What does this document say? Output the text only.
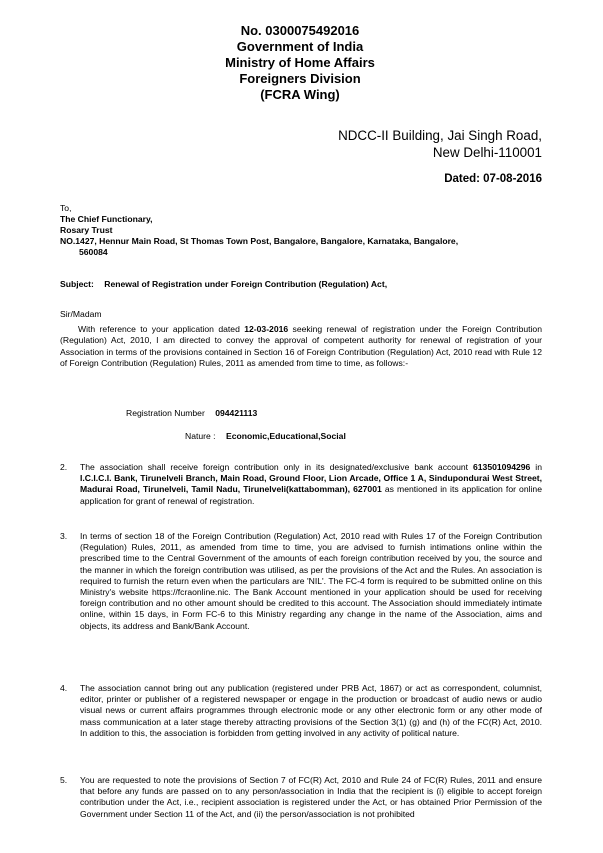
No. 0300075492016
Government of India
Ministry of Home Affairs
Foreigners Division
(FCRA Wing)
NDCC-II Building, Jai Singh Road,
New Delhi-110001
Dated: 07-08-2016
To,
The Chief Functionary,
Rosary Trust
NO.1427, Hennur Main Road, St Thomas Town Post, Bangalore, Bangalore, Karnataka, Bangalore,
560084
Subject: Renewal of Registration under Foreign Contribution (Regulation) Act,
Sir/Madam
With reference to your application dated 12-03-2016 seeking renewal of registration under the Foreign Contribution (Regulation) Act, 2010, I am directed to convey the approval of competent authority for renewal of registration of your Association in terms of the provisions contained in Section 16 of Foreign Contribution (Regulation) Act, 2010 read with Rule 12 of Foreign Contribution (Regulation) Rules, 2011 as amended from time to time, as follows:-
Registration Number 094421113
Nature : Economic,Educational,Social
2. The association shall receive foreign contribution only in its designated/exclusive bank account 613501094296 in I.C.I.C.I. Bank, Tirunelveli Branch, Main Road, Ground Floor, Lion Arcade, Office 1 A, Sindupondurai West Street, Madurai Road, Tirunelveli, Tamil Nadu, Tirunelveli(kattabomman), 627001 as mentioned in its application for online application for grant of renewal of registration.
3. In terms of section 18 of the Foreign Contribution (Regulation) Act, 2010 read with Rules 17 of the Foreign Contribution (Regulation) Rules, 2011, as amended from time to time, you are advised to furnish intimations online within the prescribed time to the Central Government of the amounts of each foreign contribution received by you, the source and the manner in which the foreign contribution was utilised, as per the provisions of the Act and the Rules. An association is required to furnish the return even when the particulars are 'NIL'. The FC-4 form is required to be submitted online on this Ministry's website https://fcraonline.nic. The Bank Account mentioned in your application should be used for receiving foreign contribution and no other amount should be credited to this account. The Association should immediately intimate online, within 15 days, in Form FC-6 to this Ministry regarding any change in the name of the Association, aims and objects, its address and Bank/Bank Account.
4. The association cannot bring out any publication (registered under PRB Act, 1867) or act as correspondent, columnist, editor, printer or publisher of a registered newspaper or engage in the production or broadcast of audio news or audio visual news or current affairs programmes through electronic mode or any other electronic form or any other mode of mass communication at a later stage thereby attracting provisions of the Section 3(1) (g) and (h) of the FC(R) Act, 2010. In addition to this, the association is forbidden from getting involved in any activity of political nature.
5. You are requested to note the provisions of Section 7 of FC(R) Act, 2010 and Rule 24 of FC(R) Rules, 2011 and ensure that before any funds are passed on to any person/association in India that the recipient is (i) eligible to accept foreign contribution under the Act, i.e., recipient association is registered under the Act, or has obtained Prior Permission of the Government under Section 11 of the Act, and (ii) the person/association is not prohibited
